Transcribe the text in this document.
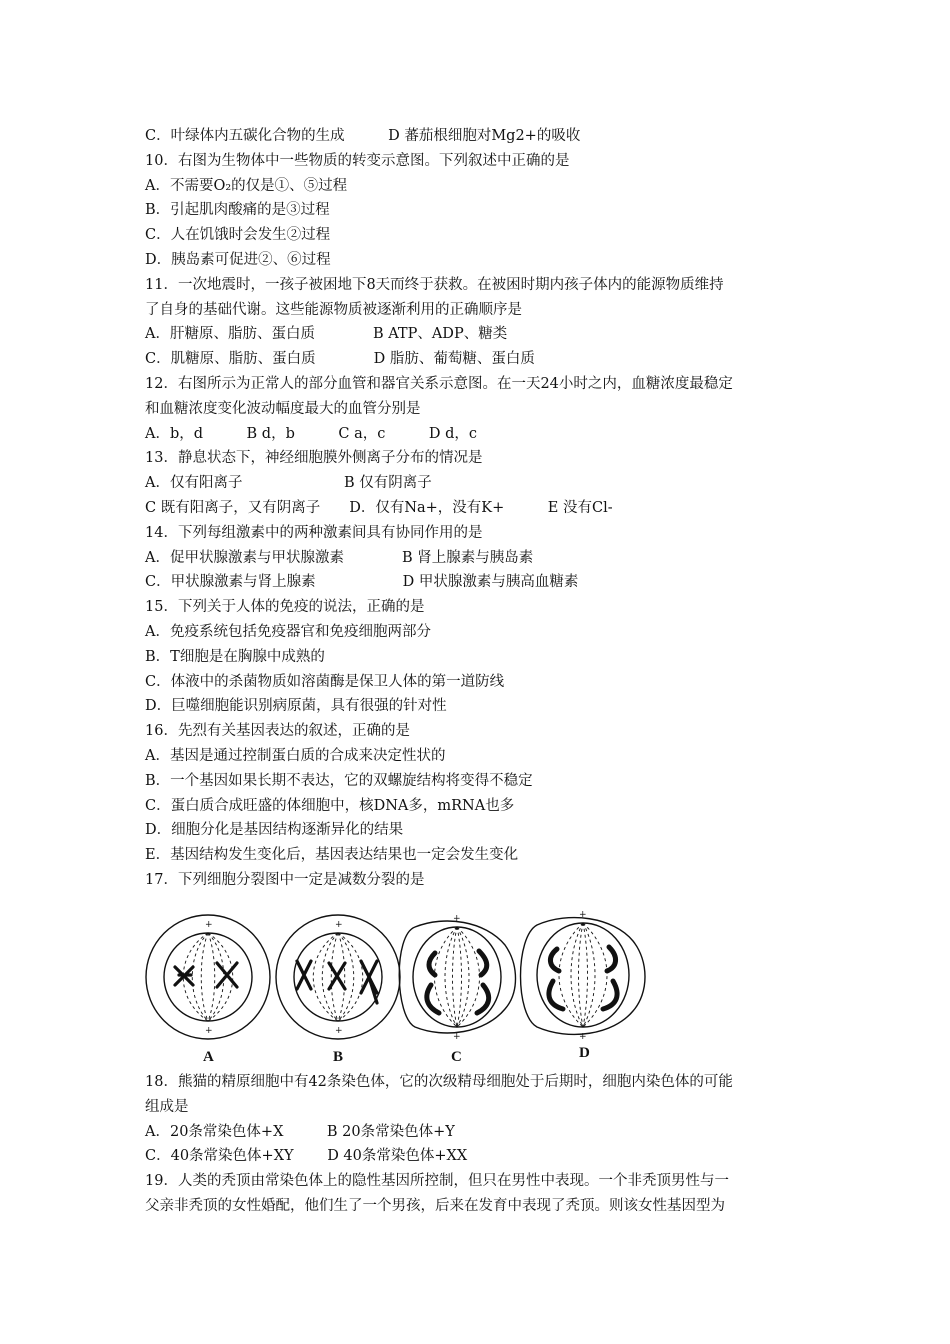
C．叶绿体内五碳化合物的生成　　　D 蕃茄根细胞对Mg2+的吸收
10．右图为生物体中一些物质的转变示意图。下列叙述中正确的是
A．不需要O₂的仅是①、⑤过程
B．引起肌肉酸痛的是③过程
C．人在饥饿时会发生②过程
D．胰岛素可促进②、⑥过程
11．一次地震时，一孩子被困地下8天而终于获救。在被困时期内孩子体内的能源物质维持
了自身的基础代谢。这些能源物质被逐渐利用的正确顺序是
A．肝糖原、脂肪、蛋白质　　　　B ATP、ADP、糖类
C．肌糖原、脂肪、蛋白质　　　　D 脂肪、葡萄糖、蛋白质
12．右图所示为正常人的部分血管和器官关系示意图。在一天24小时之内，血糖浓度最稳定
和血糖浓度变化波动幅度最大的血管分别是
A．b，d　　　B d，b　　　C a，c　　　D d，c
13．静息状态下，神经细胞膜外侧离子分布的情况是
A．仅有阳离子　　　　　　　B 仅有阴离子
C 既有阳离子，又有阴离子　　D．仅有Na+，没有K+　　　E 没有Cl-
14．下列每组激素中的两种激素间具有协同作用的是
A．促甲状腺激素与甲状腺激素　　　　B 肾上腺素与胰岛素
C．甲状腺激素与肾上腺素　　　　　　D 甲状腺激素与胰高血糖素
15．下列关于人体的免疫的说法，正确的是
A．免疫系统包括免疫器官和免疫细胞两部分
B．T细胞是在胸腺中成熟的
C．体液中的杀菌物质如溶菌酶是保卫人体的第一道防线
D．巨噬细胞能识别病原菌，具有很强的针对性
16．先烈有关基因表达的叙述，正确的是
A．基因是通过控制蛋白质的合成来决定性状的
B．一个基因如果长期不表达，它的双螺旋结构将变得不稳定
C．蛋白质合成旺盛的体细胞中，核DNA多，mRNA也多
D．细胞分化是基因结构逐渐异化的结果
E．基因结构发生变化后，基因表达结果也一定会发生变化
17．下列细胞分裂图中一定是减数分裂的是
+
+
+
+
+
+
+
+
A	B	C	D
18．熊猫的精原细胞中有42条染色体，它的次级精母细胞处于后期时，细胞内染色体的可能
组成是
A．20条常染色体+X　　　B 20条常染色体+Y
C．40条常染色体+XY　　 D 40条常染色体+XX
19．人类的秃顶由常染色体上的隐性基因所控制，但只在男性中表现。一个非秃顶男性与一
父亲非秃顶的女性婚配，他们生了一个男孩，后来在发育中表现了秃顶。则该女性基因型为
